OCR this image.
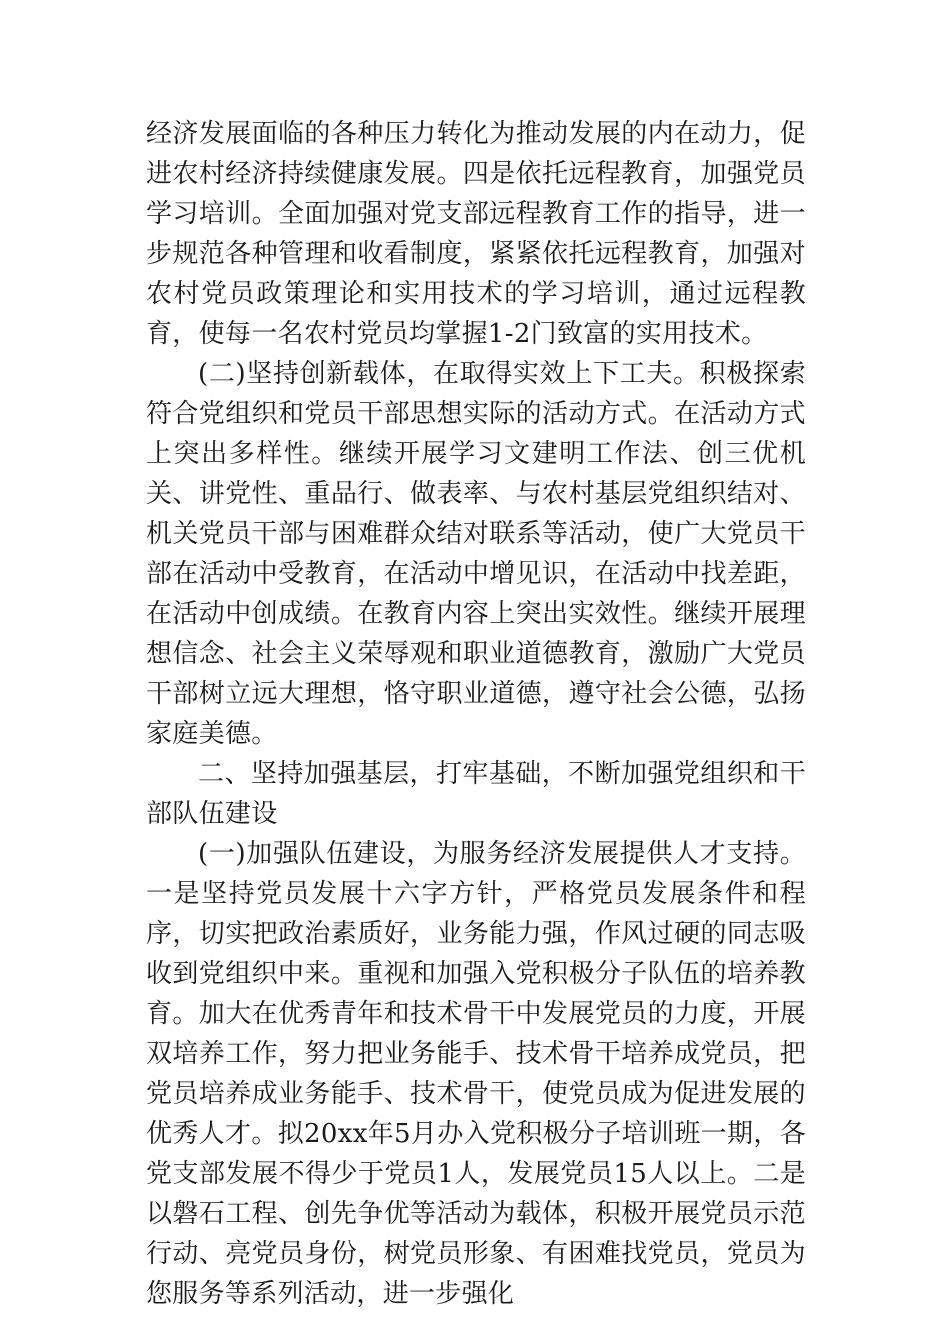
经济发展面临的各种压力转化为推动发展的内在动力，促进农村经济持续健康发展。四是依托远程教育，加强党员学习培训。全面加强对党支部远程教育工作的指导，进一步规范各种管理和收看制度，紧紧依托远程教育，加强对农村党员政策理论和实用技术的学习培训，通过远程教育，使每一名农村党员均掌握1-2门致富的实用技术。

(二)坚持创新载体，在取得实效上下工夫。积极探索符合党组织和党员干部思想实际的活动方式。在活动方式上突出多样性。继续开展学习文建明工作法、创三优机关、讲党性、重品行、做表率、与农村基层党组织结对、机关党员干部与困难群众结对联系等活动，使广大党员干部在活动中受教育，在活动中增见识，在活动中找差距，在活动中创成绩。在教育内容上突出实效性。继续开展理想信念、社会主义荣辱观和职业道德教育，激励广大党员干部树立远大理想，恪守职业道德，遵守社会公德，弘扬家庭美德。

二、坚持加强基层，打牢基础，不断加强党组织和干部队伍建设

(一)加强队伍建设，为服务经济发展提供人才支持。一是坚持党员发展十六字方针，严格党员发展条件和程序，切实把政治素质好，业务能力强，作风过硬的同志吸收到党组织中来。重视和加强入党积极分子队伍的培养教育。加大在优秀青年和技术骨干中发展党员的力度，开展双培养工作，努力把业务能手、技术骨干培养成党员，把党员培养成业务能手、技术骨干，使党员成为促进发展的优秀人才。拟20xx年5月办入党积极分子培训班一期，各党支部发展不得少于党员1人，发展党员15人以上。二是以磐石工程、创先争优等活动为载体，积极开展党员示范行动、亮党员身份，树党员形象、有困难找党员，党员为您服务等系列活动，进一步强化
